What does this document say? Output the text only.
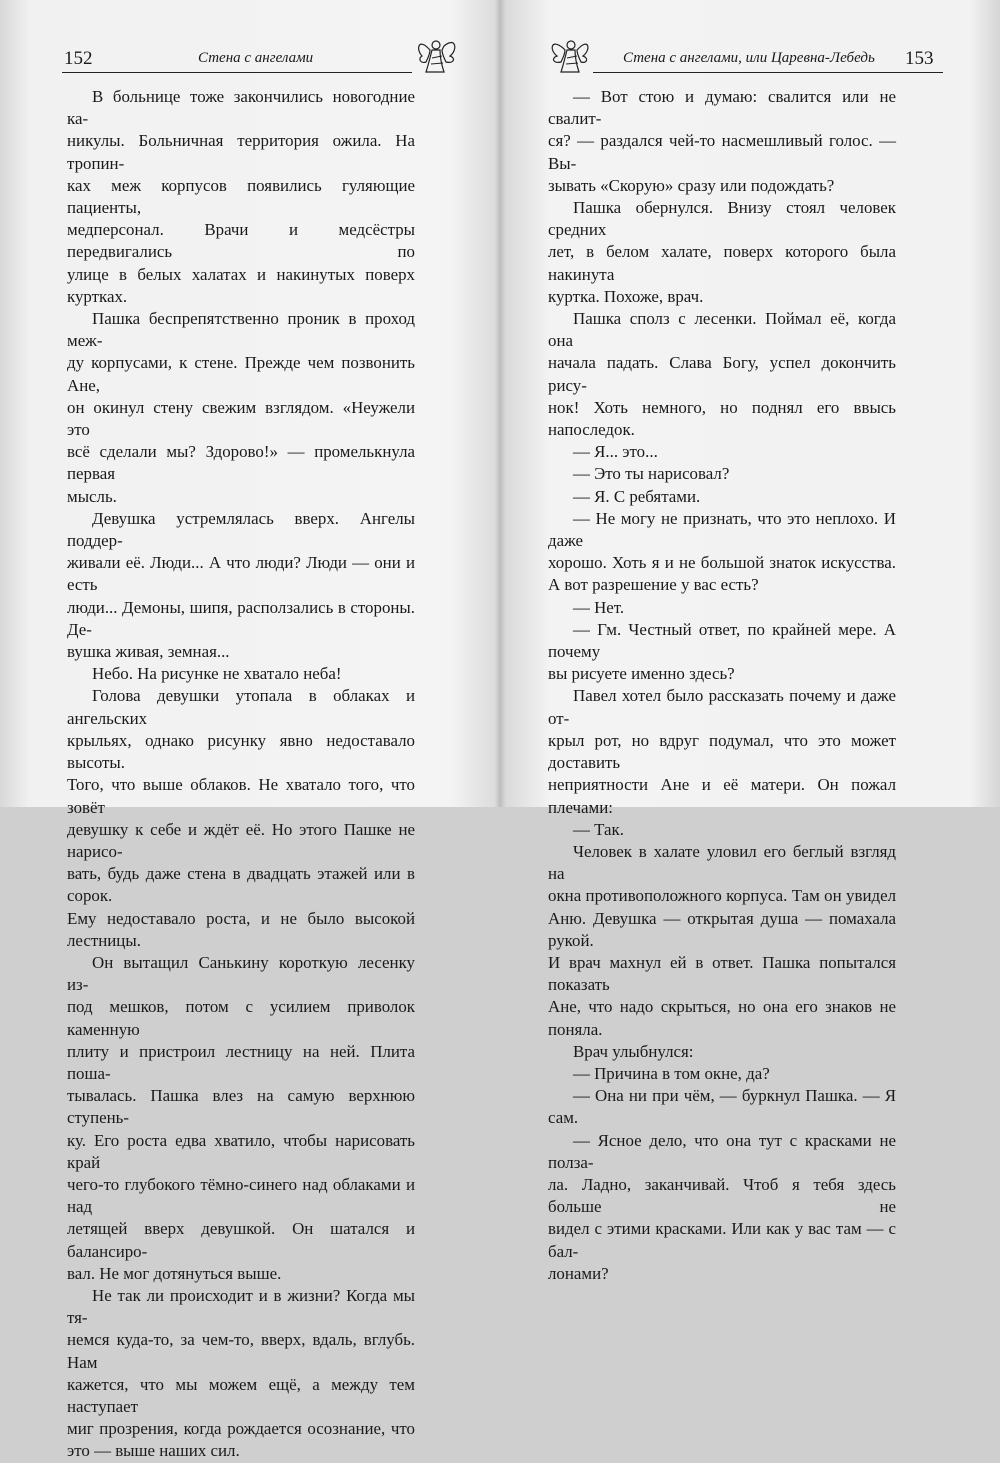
152	Стена с ангелами

В больнице тоже закончились новогодние ка-

никулы. Больничная территория ожила. На тропин-

ках меж корпусов появились гуляющие пациенты,

медперсонал. Врачи и медсёстры передвигались по

улице в белых халатах и накинутых поверх куртках.

Пашка беспрепятственно проник в проход меж-

ду корпусами, к стене. Прежде чем позвонить Ане,

он окинул стену свежим взглядом. «Неужели это

всё сделали мы? Здорово!» — промелькнула первая

мысль.

Девушка устремлялась вверх. Ангелы поддер-

живали её. Люди... А что люди? Люди — они и есть

люди... Демоны, шипя, расползались в стороны. Де-

вушка живая, земная...

Небо. На рисунке не хватало неба!

Голова девушки утопала в облаках и ангельских

крыльях, однако рисунку явно недоставало высоты.

Того, что выше облаков. Не хватало того, что зовёт

девушку к себе и ждёт её. Но этого Пашке не нарисо-

вать, будь даже стена в двадцать этажей или в сорок.

Ему недоставало роста, и не было высокой лестницы.

Он вытащил Санькину короткую лесенку из-

под мешков, потом с усилием приволок каменную

плиту и пристроил лестницу на ней. Плита поша-

тывалась. Пашка влез на самую верхнюю ступень-

ку. Его роста едва хватило, чтобы нарисовать край

чего-то глубокого тёмно-синего над облаками и над

летящей вверх девушкой. Он шатался и балансиро-

вал. Не мог дотянуться выше.

Не так ли происходит и в жизни? Когда мы тя-

немся куда-то, за чем-то, вверх, вдаль, вглубь. Нам

кажется, что мы можем ещё, а между тем наступает

миг прозрения, когда рождается осознание, что

это — выше наших сил.

Стена с ангелами, или Царевна-Лебедь 153

— Вот стою и думаю: свалится или не свалит-

ся? — раздался чей-то насмешливый голос. — Вы-

зывать «Скорую» сразу или подождать?

Пашка обернулся. Внизу стоял человек средних

лет, в белом халате, поверх которого была накинута

куртка. Похоже, врач.

Пашка сполз с лесенки. Поймал её, когда она

начала падать. Слава Богу, успел докончить рису-

нок! Хоть немного, но поднял его ввысь напоследок.

— Я... это...

— Это ты нарисовал?

— Я. С ребятами.

— Не могу не признать, что это неплохо. И даже

хорошо. Хоть я и не большой знаток искусства.

А вот разрешение у вас есть?

— Нет.

— Гм. Честный ответ, по крайней мере. А почему

вы рисуете именно здесь?

Павел хотел было рассказать почему и даже от-

крыл рот, но вдруг подумал, что это может доставить

неприятности Ане и её матери. Он пожал плечами:

— Так.

Человек в халате уловил его беглый взгляд на

окна противоположного корпуса. Там он увидел

Аню. Девушка — открытая душа — помахала рукой.

И врач махнул ей в ответ. Пашка попытался показать

Ане, что надо скрыться, но она его знаков не поняла.

Врач улыбнулся:

— Причина в том окне, да?

— Она ни при чём, — буркнул Пашка. — Я сам.

— Ясное дело, что она тут с красками не полза-

ла. Ладно, заканчивай. Чтоб я тебя здесь больше не

видел с этими красками. Или как у вас там — с бал-

лонами?
